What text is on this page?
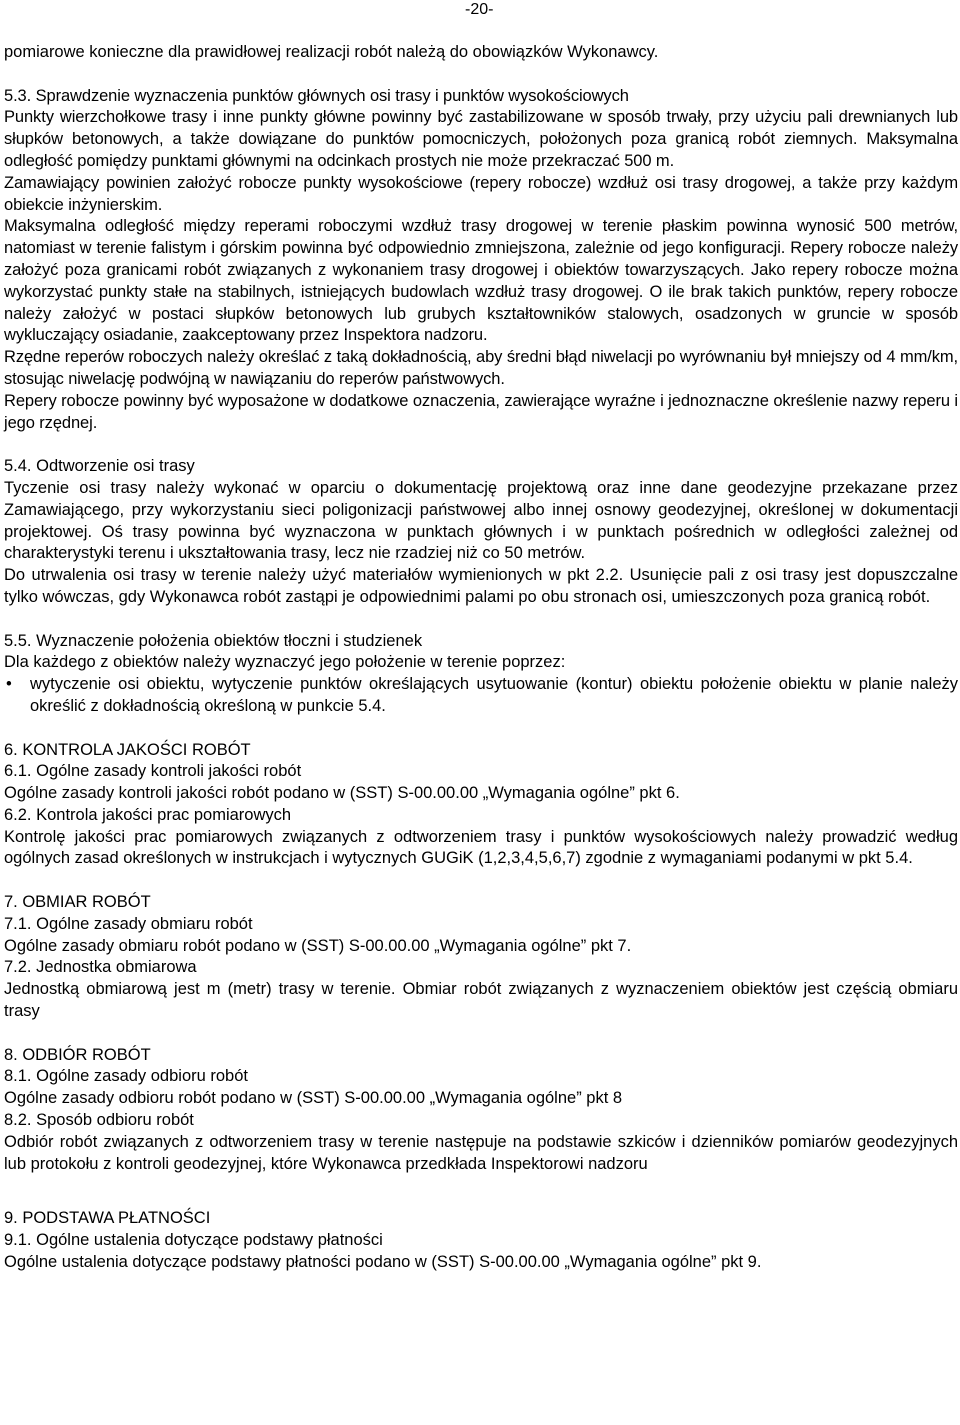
-20-

pomiarowe konieczne dla prawidłowej realizacji robót należą do obowiązków Wykonawcy.

5.3. Sprawdzenie wyznaczenia punktów głównych osi trasy i punktów wysokościowych

Punkty wierzchołkowe trasy i inne punkty główne powinny być zastabilizowane w sposób trwały, przy użyciu pali drewnianych lub słupków betonowych, a także dowiązane do punktów pomocniczych, położonych poza granicą robót ziemnych. Maksymalna odległość pomiędzy punktami głównymi na odcinkach prostych nie może przekraczać 500 m.

Zamawiający powinien założyć robocze punkty wysokościowe (repery robocze) wzdłuż osi trasy drogowej, a także przy każdym obiekcie inżynierskim.

Maksymalna odległość między reperami roboczymi wzdłuż trasy drogowej w terenie płaskim powinna wynosić 500 metrów, natomiast w terenie falistym i górskim powinna być odpowiednio zmniejszona, zależnie od jego konfiguracji. Repery robocze należy założyć poza granicami robót związanych z wykonaniem trasy drogowej i obiektów towarzyszących. Jako repery robocze można wykorzystać punkty stałe na stabilnych, istniejących budowlach wzdłuż trasy drogowej. O ile brak takich punktów, repery robocze należy założyć w postaci słupków betonowych lub grubych kształtowników stalowych, osadzonych w gruncie w sposób wykluczający osiadanie, zaakceptowany przez Inspektora nadzoru.

Rzędne reperów roboczych należy określać z taką dokładnością, aby średni błąd niwelacji po wyrównaniu był mniejszy od 4 mm/km, stosując niwelację podwójną w nawiązaniu do reperów państwowych.

Repery robocze powinny być wyposażone w dodatkowe oznaczenia, zawierające wyraźne i jednoznaczne określenie nazwy reperu i jego rzędnej.

5.4. Odtworzenie osi trasy

Tyczenie osi trasy należy wykonać w oparciu o dokumentację projektową oraz inne dane geodezyjne przekazane przez Zamawiającego, przy wykorzystaniu sieci poligonizacji państwowej albo innej osnowy geodezyjnej, określonej w dokumentacji projektowej. Oś trasy powinna być wyznaczona w punktach głównych i w punktach pośrednich w odległości zależnej od charakterystyki terenu i ukształtowania trasy, lecz nie rzadziej niż co 50 metrów.

Do utrwalenia osi trasy w terenie należy użyć materiałów wymienionych w pkt 2.2. Usunięcie pali z osi trasy jest dopuszczalne tylko wówczas, gdy Wykonawca robót zastąpi je odpowiednimi palami po obu stronach osi, umieszczonych poza granicą robót.

5.5. Wyznaczenie położenia obiektów tłoczni i studzienek

Dla każdego z obiektów należy wyznaczyć jego położenie w terenie poprzez:

• wytyczenie osi obiektu, wytyczenie punktów określających usytuowanie (kontur) obiektu położenie obiektu w planie należy określić z dokładnością określoną w punkcie 5.4.

6. KONTROLA JAKOŚCI ROBÓT

6.1. Ogólne zasady kontroli jakości robót

Ogólne zasady kontroli jakości robót podano w (SST) S-00.00.00 „Wymagania ogólne” pkt 6.

6.2. Kontrola jakości prac pomiarowych

Kontrolę jakości prac pomiarowych związanych z odtworzeniem trasy i punktów wysokościowych należy prowadzić według ogólnych zasad określonych w instrukcjach i wytycznych GUGiK (1,2,3,4,5,6,7) zgodnie z wymaganiami podanymi w pkt 5.4.

7. OBMIAR ROBÓT

7.1. Ogólne zasady obmiaru robót

Ogólne zasady obmiaru robót podano w (SST) S-00.00.00 „Wymagania ogólne” pkt 7.

7.2. Jednostka obmiarowa

Jednostką obmiarową jest m (metr) trasy w terenie. Obmiar robót związanych z wyznaczeniem obiektów jest częścią obmiaru trasy

8. ODBIÓR ROBÓT

8.1. Ogólne zasady odbioru robót

Ogólne zasady odbioru robót podano w (SST) S-00.00.00 „Wymagania ogólne” pkt 8

8.2. Sposób odbioru robót

Odbiór robót związanych z odtworzeniem trasy w terenie następuje na podstawie szkiców i dzienników pomiarów geodezyjnych lub protokołu z kontroli geodezyjnej, które Wykonawca przedkłada Inspektorowi nadzoru

9. PODSTAWA PŁATNOŚCI

9.1. Ogólne ustalenia dotyczące podstawy płatności

Ogólne ustalenia dotyczące podstawy płatności podano w (SST) S-00.00.00 „Wymagania ogólne” pkt 9.
